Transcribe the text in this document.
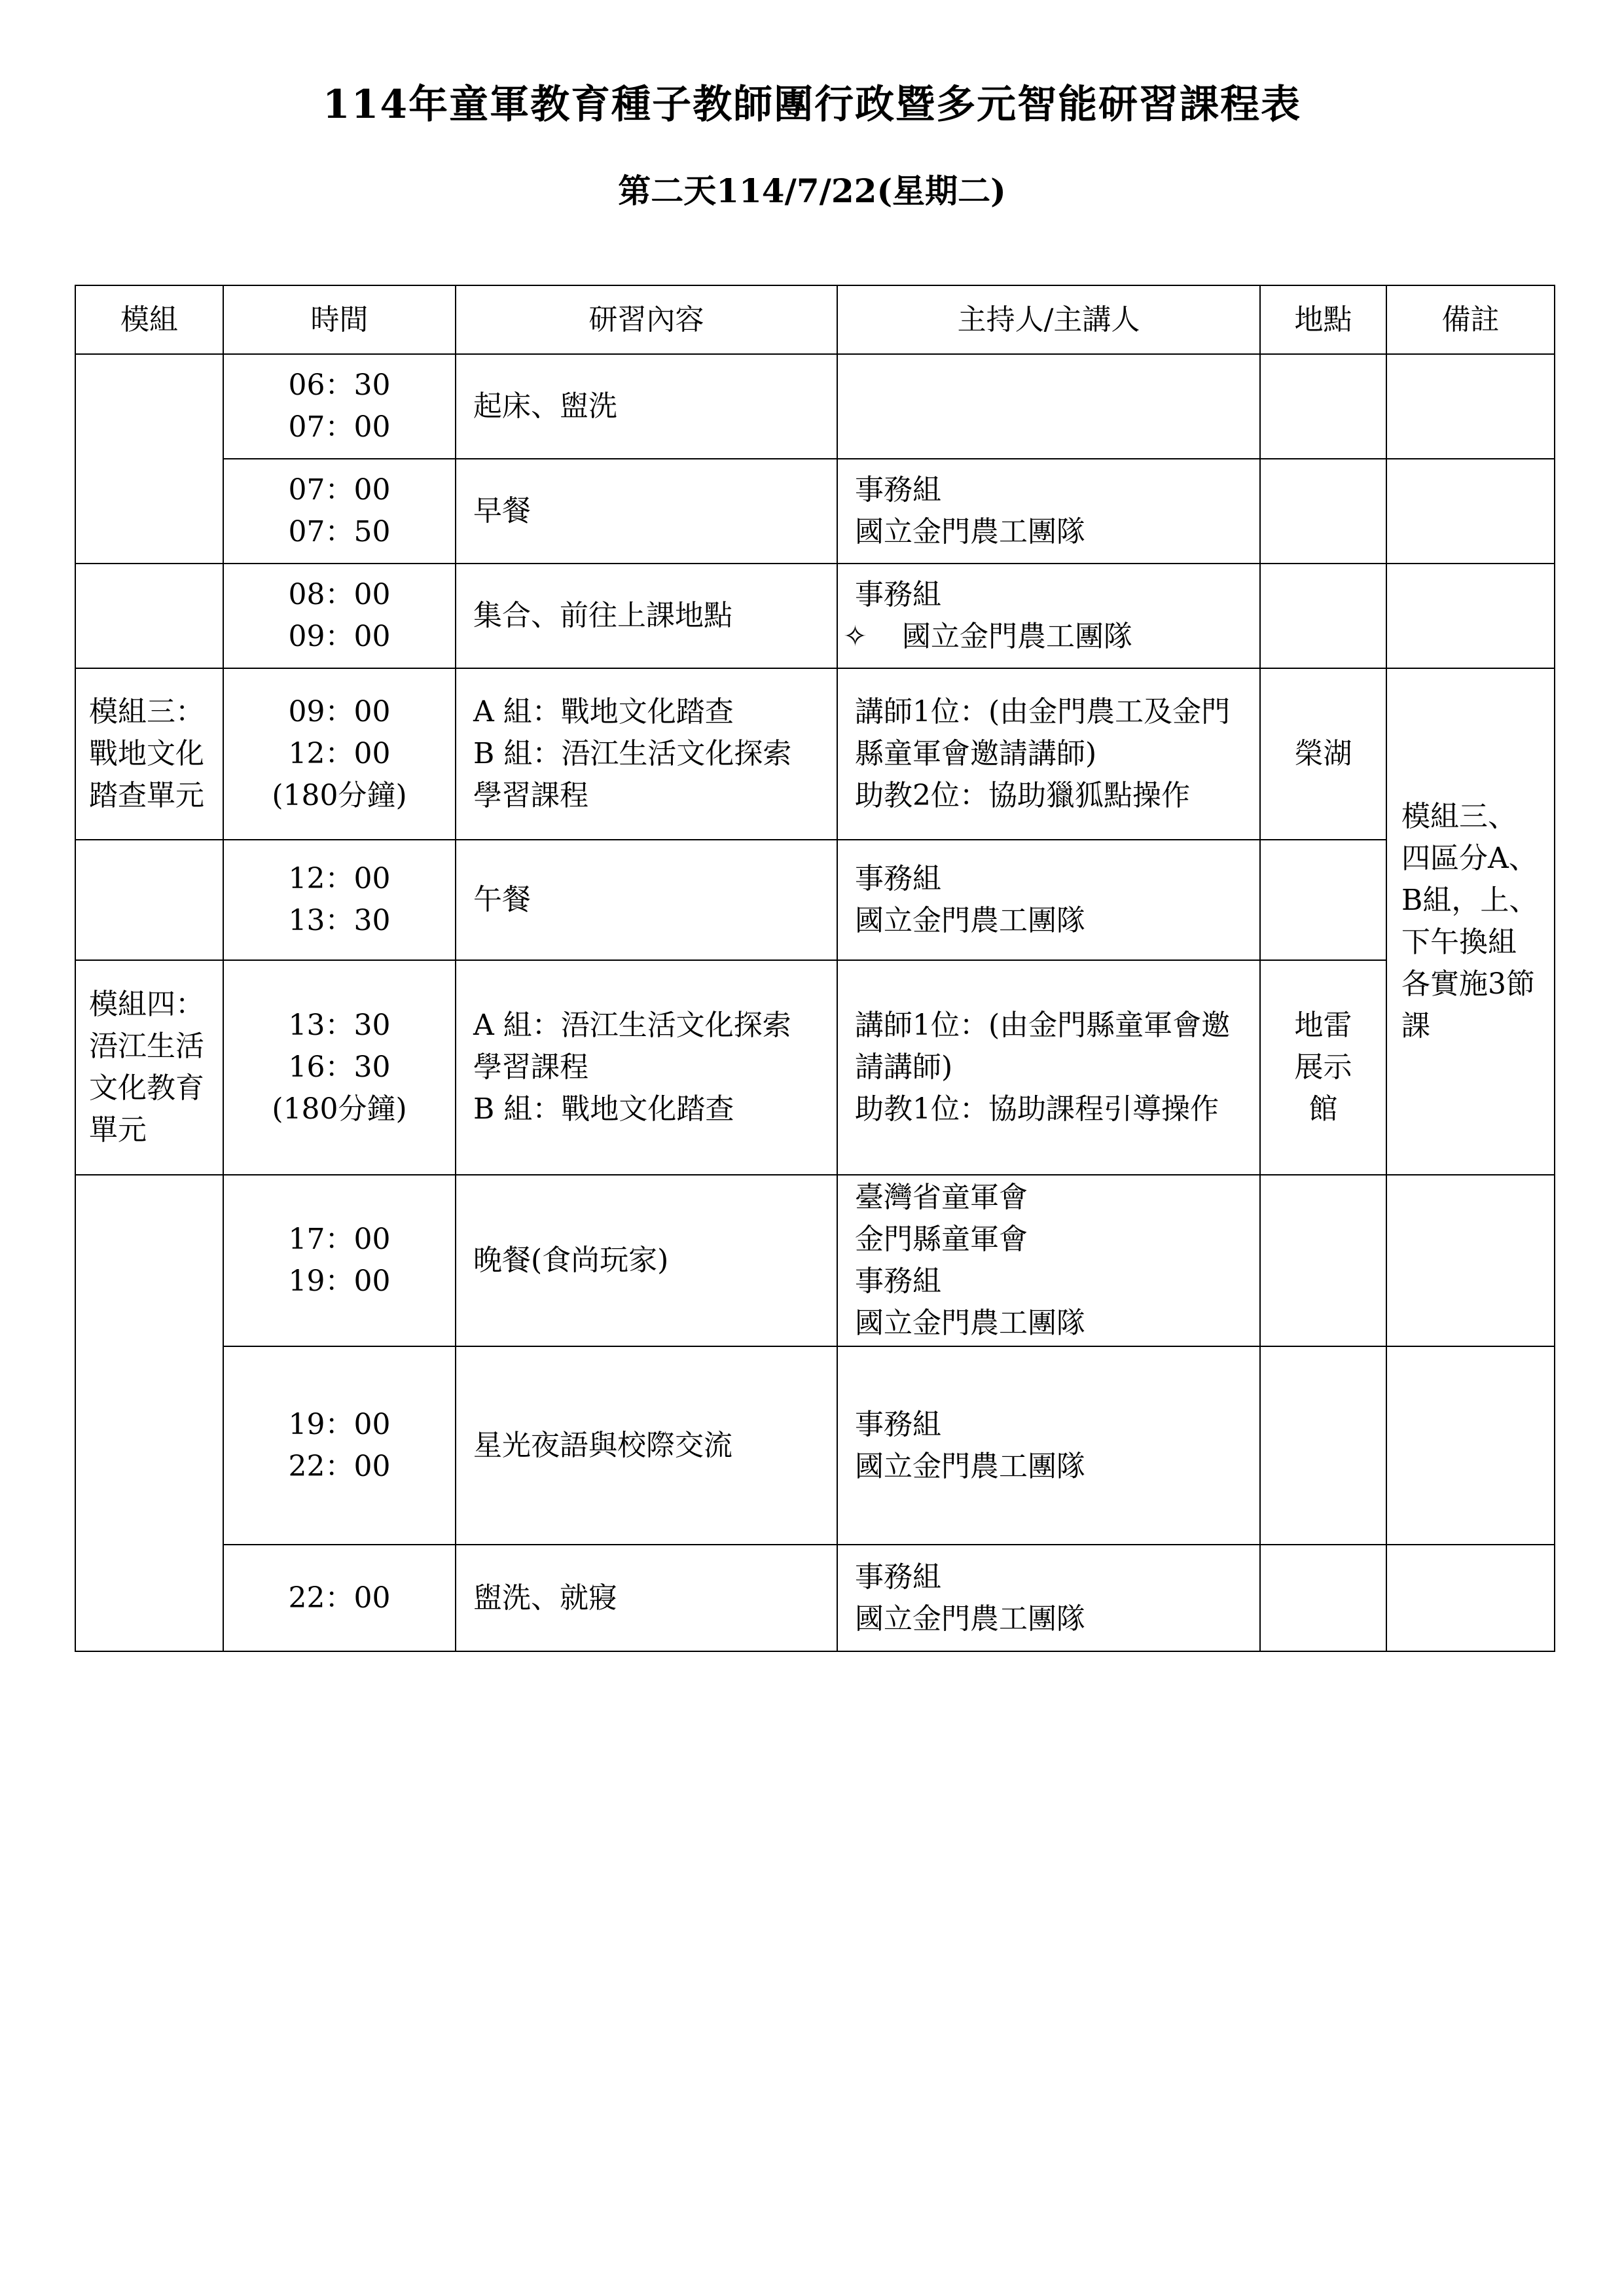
114年童軍教育種子教師團行政暨多元智能研習課程表
第二天114/7/22(星期二)
模組	時間	研習內容	主持人/主講人	地點	備註

	06：30
07：00	起床、盥洗			

	07：00
07：50	早餐	事務組
國立金門農工團隊		

	08：00
09：00	集合、前往上課地點	事務組
✧ 國立金門農工團隊		

模組三：戰地文化踏查單元	09：00
12：00
(180分鐘)	A 組：戰地文化踏查
B 組：浯江生活文化探索學習課程	講師1位：(由金門農工及金門縣童軍會邀請講師)
助教2位：協助獵狐點操作	榮湖	模組三、四區分A、B組，上、下午換組各實施3節課

	12：00
13：30	午餐	事務組
國立金門農工團隊		

模組四：浯江生活文化教育單元	13：30
16：30
(180分鐘)	A 組：浯江生活文化探索學習課程
B 組：戰地文化踏查	講師1位：(由金門縣童軍會邀請講師)
助教1位：協助課程引導操作	地雷展示館	

	17：00
19：00	晚餐(食尚玩家)	臺灣省童軍會
金門縣童軍會
事務組
國立金門農工團隊		

	19：00
22：00	星光夜語與校際交流	事務組
國立金門農工團隊		

	22：00	盥洗、就寢	事務組
國立金門農工團隊		
